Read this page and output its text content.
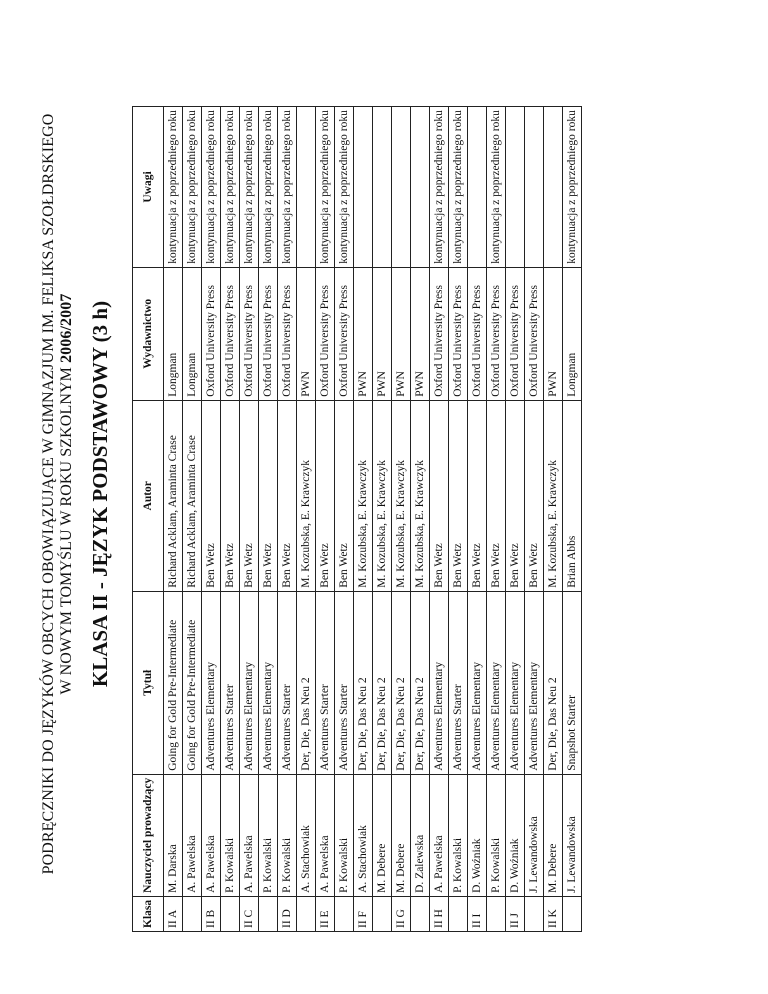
PODRĘCZNIKI DO JĘZYKÓW OBCYCH OBOWIĄZUJĄCE W GIMNAZJUM IM. FELIKSA SZOŁDRSKIEGO W NOWYM TOMYŚLU W ROKU SZKOLNYM 2006/2007 KLASA II - JĘZYK PODSTAWOWY (3 h)
Klasa	Nauczyciel prowadzący	Tytuł	Autor	Wydawnictwo	Uwagi
II A	M. Darska	Going for Gold Pre-Intermediate	Richard Acklam, Araminta Crase	Longman	kontynuacja z poprzedniego roku
	A. Pawelska	Going for Gold Pre-Intermediate	Richard Acklam, Araminta Crase	Longman	kontynuacja z poprzedniego roku
II B	A. Pawelska	Adventures Elementary	Ben Wetz	Oxford University Press	kontynuacja z poprzedniego roku
	P. Kowalski	Adventures Starter	Ben Wetz	Oxford University Press	kontynuacja z poprzedniego roku
II C	A. Pawelska	Adventures Elementary	Ben Wetz	Oxford University Press	kontynuacja z poprzedniego roku
	P. Kowalski	Adventures Elementary	Ben Wetz	Oxford University Press	kontynuacja z poprzedniego roku
II D	P. Kowalski	Adventures Starter	Ben Wetz	Oxford University Press	kontynuacja z poprzedniego roku
	A. Stachowiak	Der, Die, Das Neu 2	M. Kozubska, E. Krawczyk	PWN	
II E	A. Pawelska	Adventures Starter	Ben Wetz	Oxford University Press	kontynuacja z poprzedniego roku
	P. Kowalski	Adventures Starter	Ben Wetz	Oxford University Press	kontynuacja z poprzedniego roku
II F	A. Stachowiak	Der, Die, Das Neu 2	M. Kozubska, E. Krawczyk	PWN	
	M. Debere	Der, Die, Das Neu 2	M. Kozubska, E. Krawczyk	PWN	
II G	M. Debere	Der, Die, Das Neu 2	M. Kozubska, E. Krawczyk	PWN	
	D. Zalewska	Der, Die, Das Neu 2	M. Kozubska, E. Krawczyk	PWN	
II H	A. Pawelska	Adventures Elementary	Ben Wetz	Oxford University Press	kontynuacja z poprzedniego roku
	P. Kowalski	Adventures Starter	Ben Wetz	Oxford University Press	kontynuacja z poprzedniego roku
II I	D. Woźniak	Adventures Elementary	Ben Wetz	Oxford University Press	
	P. Kowalski	Adventures Elementary	Ben Wetz	Oxford University Press	kontynuacja z poprzedniego roku
II J	D. Woźniak	Adventures Elementary	Ben Wetz	Oxford University Press	
	J. Lewandowska	Adventures Elementary	Ben Wetz	Oxford University Press	
II K	M. Debere	Der, Die, Das Neu 2	M. Kozubska, E. Krawczyk	PWN	
	J. Lewandowska	Snapshot Starter	Brian Abbs	Longman	kontynuacja z poprzedniego roku
